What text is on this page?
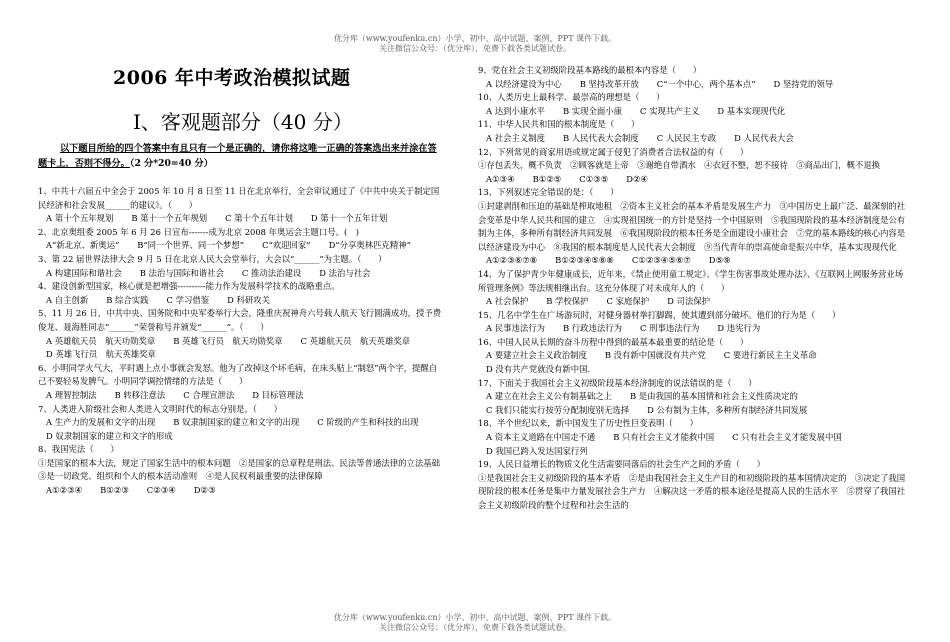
优分库（www.youfenku.cn）小学、初中、高中试题、案例、PPT 课件下载。
关注微信公众号：（优分库），免费下载各类试题试卷。
2006 年中考政治模拟试题
Ⅰ、客观题部分（40 分）
以下题目所给的四个答案中有且只有一个是正确的，请你将这唯一正确的答案选出来并涂在答题卡上，否则不得分。（2 分*20=40 分）
1、中共十六届五中全会于 2005 年 10 月 8 日至 11 日在北京举行，全会审议通过了《中共中央关于制定国民经济和社会发展______的建议》。（　　）
A 第十个五年规划 B 第十一个五年规划 C 第十个五年计划 D 第十一个五年计划
2、北京奥组委 2005 年 6 月 26 日宣布-------成为北京 2008 年奥运会主题口号。(　)
A“新北京、新奥运” B“同一个世界、同一个梦想” C“欢迎回家” D“分享奥林匹克精神”
3、第 22 届世界法律大会 9 月 5 日在北京人民大会堂举行，大会以“______”为主题。（　　）
A 构建国际和谐社会 B 法治与国际和谐社会 C 推动法治建设 D 法治与社会
4、建设创新型国家，核心就是把增强----------能力作为发展科学技术的战略重点。
A 自主创新 B 综合实践 C 学习借鉴 D 科研攻关
5、11 月 26 日，中共中央、国务院和中央军委举行大会，隆重庆祝神舟六号载人航天飞行圆满成功，授予费俊龙、聂海胜同志“______”荣誉称号并颁发“______”。（　　）
A 英雄航天员　航天功勋奖章 B 英雄飞行员　航天功勋奖章 C 英雄航天员　航天英雄奖章D 英雄飞行员　航天英雄奖章
6、小明同学火气大，平时遇上点小事就会发怒。他为了改掉这个坏毛病，在床头贴上“制怒”两个字，提醒自己不要轻易发脾气。小明同学调控情绪的方法是（　　）
A 理智控制法 B 转移注意法 C 合理宣泄法 D 目标管理法
7、人类进入阶级社会和人类进入文明时代的标志分别是。（　　）
A 生产力的发展和文字的出现 B 奴隶制国家的建立和文字的出现 C 阶级的产生和科技的出现D 奴隶制国家的建立和文字的形成
8、我国宪法（　　）
①是国家的根本大法，规定了国家生活中的根本问题　②是国家的总章程是刑法、民法等普通法律的立法基础　③是一切政党、组织和个人的根本活动准则　④是人民权利最重要的法律保障
A①②③④ B①②③ C②③④ D②③
9、党在社会主义初级阶段基本路线的最根本内容是（　　）
A 以经济建设为中心 B 坚持改革开放 C“一个中心，两个基本点” D 坚持党的领导
10、人类历史上最科学、最崇高的理想是（　　）
A 达到小康水平 B 实现全面小康 C 实现共产主义 D 基本实现现代化
11、中华人民共和国的根本制度是（　　）
A 社会主义制度 B 人民代表大会制度 C 人民民主专政 D 人民代表大会
12、下列常见的商家用语或规定属于侵犯了消费者合法权益的有（　　）
①存包丢失，概不负责　②顾客就是上帝　③谢绝自带酒水　④衣冠不整，恕不接待　⑤商品出门，概不退换
A①③④ B①②⑤ C①③⑤ D②④
13、下列叙述完全错误的是：（　　）
①封建剥削和压迫的基础是榨取地租　②资本主义社会的基本矛盾是发展生产力　③中国历史上最广泛、最深刻的社会变革是中华人民共和国的建立　④实现祖国统一的方针是坚持一个中国原则　⑤我国现阶段的基本经济制度是公有制为主体，多种所有制经济共同发展　⑥我国现阶段的根本任务是全面建设小康社会　⑦党的基本路线的核心内容是以经济建设为中心　⑧我国的根本制度是人民代表大会制度　⑨当代青年的崇高使命是振兴中华，基本实现现代化
A①②③⑥⑦⑧ B①②③④⑤⑥⑧ C①②③④⑤⑥⑦ D⑤⑨
14、为了保护青少年健康成长，近年来，《禁止使用童工规定》、《学生伤害事故处理办法》、《互联网上网服务营业场所管理条例》等法规相继出台。这充分体现了对未成年人的（　　）
A 社会保护 B 学校保护 C 家庭保护 D 司法保护
15、几名中学生在广场游玩时，对健身器材拳打脚踢，使其遭到部分破坏。他们的行为是（　　）
A 民事违法行为 B 行政违法行为 C 刑事违法行为 D 违宪行为
16、中国人民从长期的奋斗历程中得到的最基本最重要的结论是（　　）
A 要建立社会主义政治制度 B 没有新中国就没有共产党 C 要进行新民主主义革命D 没有共产党就没有新中国.
17、下面关于我国社会主义初级阶段基本经济制度的说法错误的是（　　）
A 建立在社会主义公有制基础之上 B 是由我国的基本国情和社会主义性质决定的C 我们只能实行按劳分配制度别无选择 D 公有制为主体，多种所有制经济共同发展
18、半个世纪以来，新中国发生了历史性巨变表明（　　）
A 资本主义道路在中国走不通 B 只有社会主义才能救中国 C 只有社会主义才能发展中国D 我国已跨入发达国家行列
19、人民日益增长的物质文化生活需要同落后的社会生产之间的矛盾（　　）
①是我国社会主义初级阶段的基本矛盾　②是由我国社会主义生产目的和初级阶段的基本国情决定的　③决定了我国现阶段的根本任务是集中力量发展社会生产力　④解决这一矛盾的根本途径是提高人民的生活水平　⑤贯穿了我国社会主义初级阶段的整个过程和社会生活的
优分库（www.youfenku.cn）小学、初中、高中试题、案例、PPT 课件下载。
关注微信公众号：（优分库），免费下载各类试题试卷。
